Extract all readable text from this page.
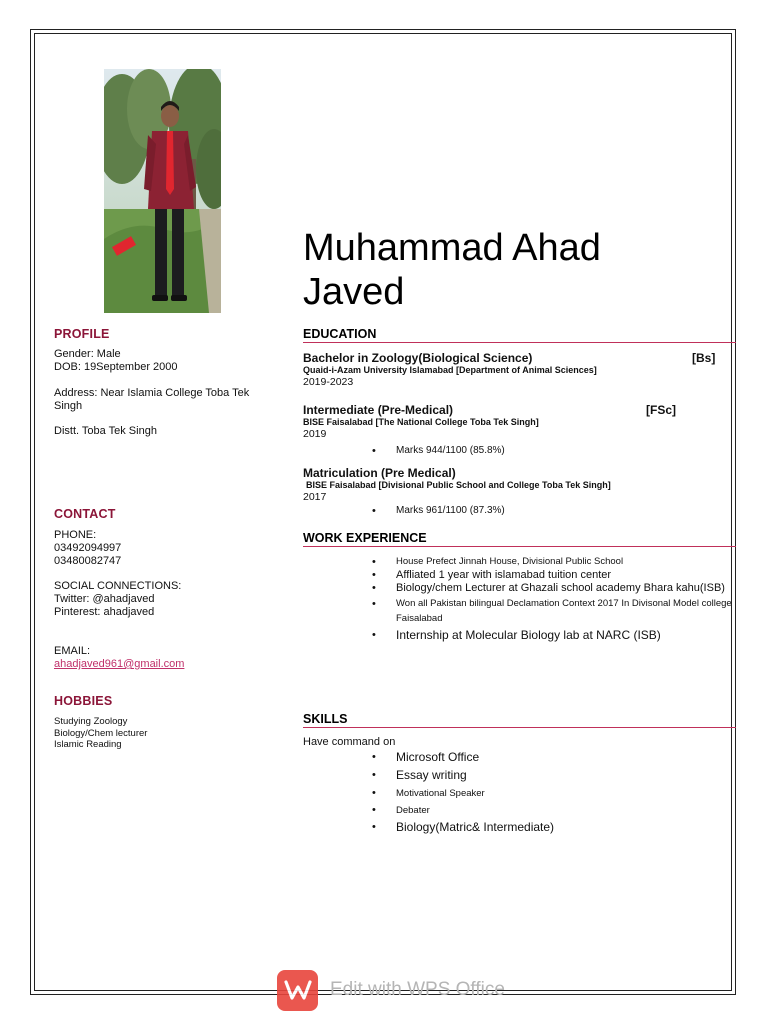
Muhammad Ahad
Javed
PROFILE
Gender: Male
DOB: 19September 2000
Address: Near Islamia College Toba Tek Singh
Distt. Toba Tek Singh
CONTACT
PHONE:
03492094997
03480082747
SOCIAL CONNECTIONS:
Twitter: @ahadjaved
Pinterest: ahadjaved
EMAIL:
ahadjaved961@gmail.com
HOBBIES
Studying Zoology
Biology/Chem lecturer
Islamic Reading
EDUCATION
Bachelor in Zoology(Biological Science)	[Bs]
Quaid-i-Azam University Islamabad [Department of Animal Sciences]
2019-2023
Intermediate (Pre-Medical)	[FSc]
BISE Faisalabad [The National College Toba Tek Singh]
2019
• Marks 944/1100 (85.8%)
Matriculation (Pre Medical)
BISE Faisalabad [Divisional Public School and College Toba Tek Singh]
2017
• Marks 961/1100 (87.3%)
WORK EXPERIENCE
• House Prefect Jinnah House, Divisional Public School
• Affliated 1 year with islamabad tuition center
• Biology/chem Lecturer at Ghazali school academy Bhara kahu(ISB)
• Won all Pakistan bilingual Declamation Context 2017 In Divisonal Model college Faisalabad
• Internship at Molecular Biology lab at NARC (ISB)
SKILLS
Have command on
• Microsoft Office
• Essay writing
• Motivational Speaker
• Debater
• Biology(Matric& Intermediate)
Edit with WPS Office
